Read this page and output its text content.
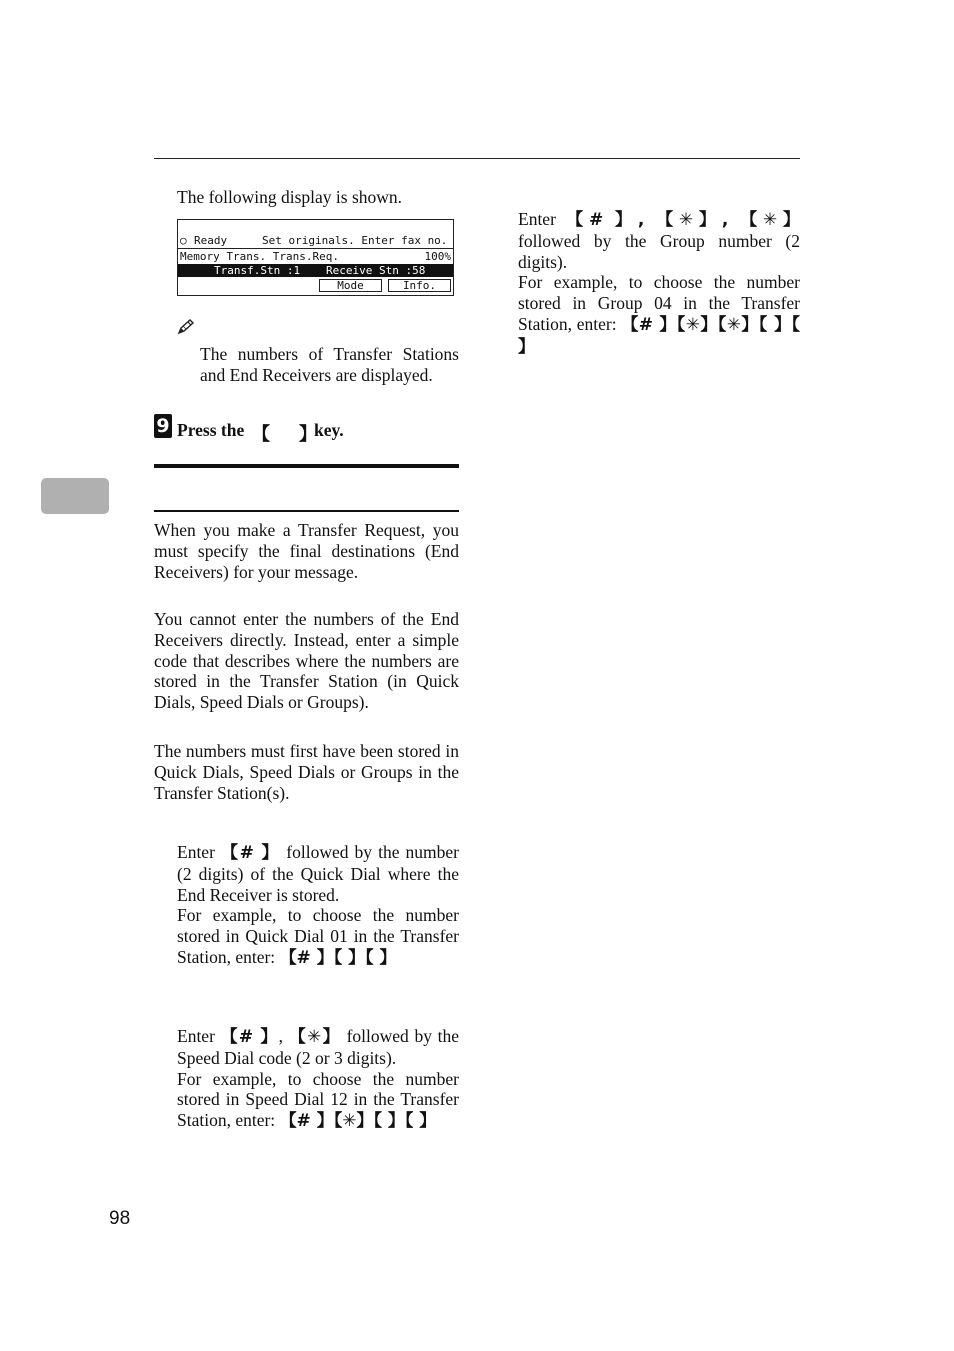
The following display is shown.

○

Ready

	Set originals. Enter fax no.

Memory Trans. Trans.Req.

	100%

Transf.Stn :1

Receive Stn :58

Mode	Info.

The numbers of Transfer Stations and End Receivers are displayed.

9 Press the 【 】
key.

When you make a Transfer Request, you must specify the final destinations (End Receivers) for your message.

You cannot enter the numbers of the End Receivers directly. Instead, enter a simple code that describes where the numbers are stored in the Transfer Station (in Quick Dials, Speed Dials or Groups).

The numbers must first have been stored in Quick Dials, Speed Dials or Groups in the Transfer Station(s).

Enter 【# 】 followed by the number (2 digits) of the Quick Dial where the End Receiver is stored.

For example, to choose the number stored in Quick Dial 01 in the Transfer Station, enter: 【# 】【 】【 】

Enter 【# 】, 【✳】 followed by the Speed Dial code (2 or 3 digits).

For example, to choose the number stored in Speed Dial 12 in the Transfer Station, enter: 【# 】【✳】【 】【 】

Enter 【# 】, 【✳】, 【✳】 followed by the Group number (2 digits).

For example, to choose the number stored in Group 04 in the Transfer Station, enter: 【# 】【✳】【✳】【 】【 】

98
